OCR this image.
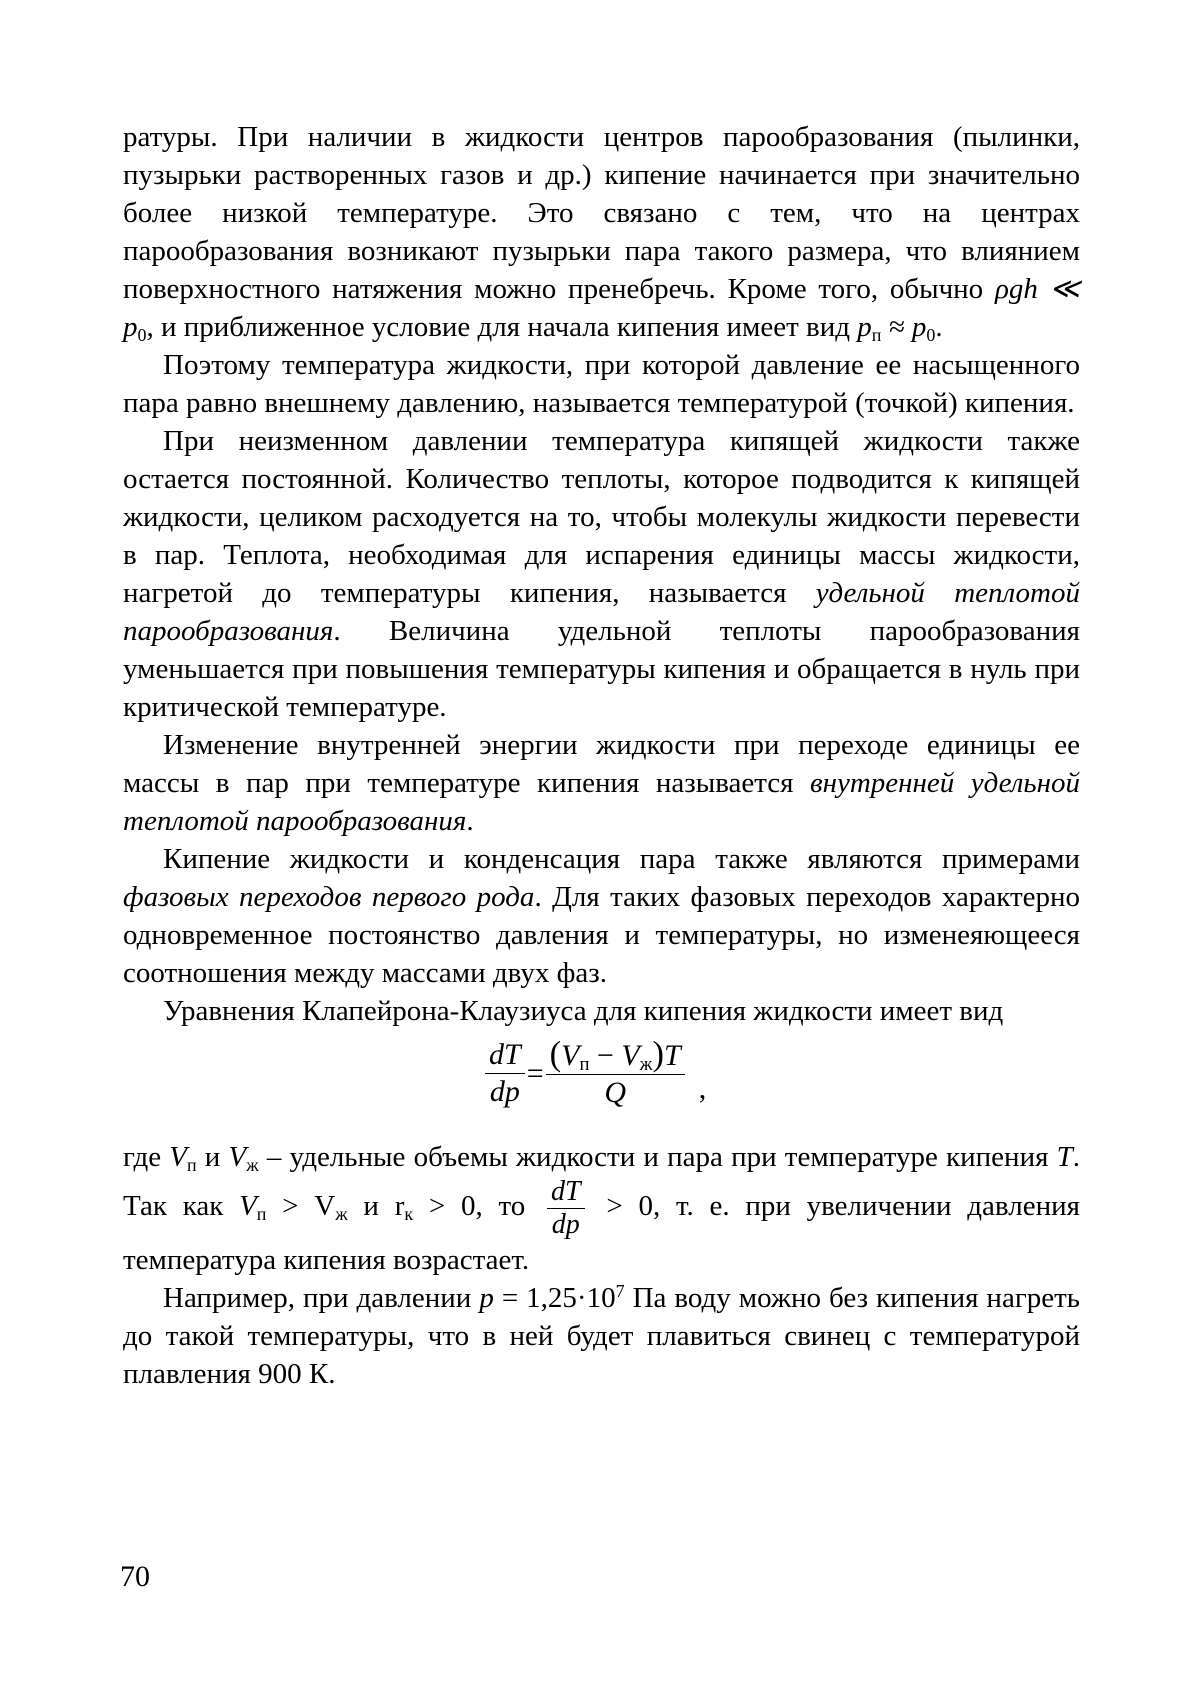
ратуры. При наличии в жидкости центров парообразования (пылинки, пузырьки растворенных газов и др.) кипение начинается при значительно более низкой температуре. Это связано с тем, что на центрах парообразования возникают пузырьки пара такого размера, что влиянием поверхностного натяжения можно пренебречь. Кроме того, обычно ρgh ≪ $p_0$, и приближенное условие для начала кипения имеет вид $p_п \approx p_0$.

Поэтому температура жидкости, при которой давление ее насыщенного пара равно внешнему давлению, называется температурой (точкой) кипения.

При неизменном давлении температура кипящей жидкости также остается постоянной. Количество теплоты, которое подводится к кипящей жидкости, целиком расходуется на то, чтобы молекулы жидкости перевести в пар. Теплота, необходимая для испарения единицы массы жидкости, нагретой до температуры кипения, называется удельной теплотой парообразования. Величина удельной теплоты парообразования уменьшается при повышения температуры кипения и обращается в нуль при критической температуре.

Изменение внутренней энергии жидкости при переходе единицы ее массы в пар при температуре кипения называется внутренней удельной теплотой парообразования.

Кипение жидкости и конденсация пара также являются примерами фазовых переходов первого рода. Для таких фазовых переходов характерно одновременное постоянство давления и температуры, но изменеяющееся соотношения между массами двух фаз.

Уравнения Клапейрона-Клаузиуса для кипения жидкости имеет вид

$\frac{dT}{dp} = \frac{(V_п - V_ж)T}{Q}$ ,

где $V_п$ и $V_ж$ – удельные объемы жидкости и пара при температуре кипения T. Так как $V_п > V_ж$ и $r_к > 0$, то $\frac{dT}{dp} > 0$, т. е. при увеличении давления температура кипения возрастает.

Например, при давлении $p = 1,25\cdot 10^7$ Па воду можно без кипения нагреть до такой температуры, что в ней будет плавиться свинец с температурой плавления 900 К.

70
